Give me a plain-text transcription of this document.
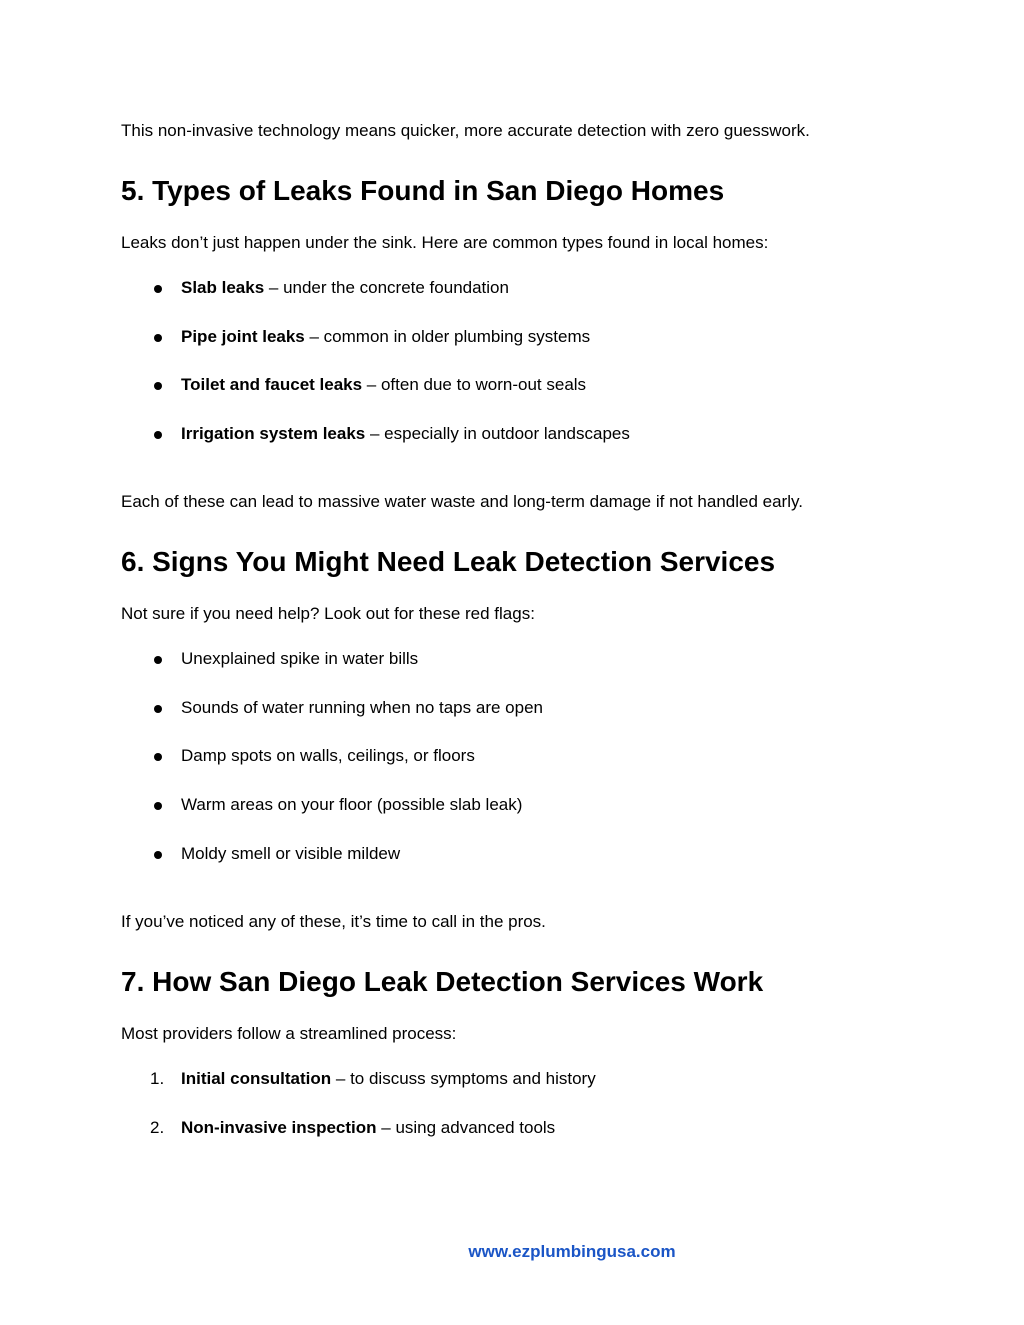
This non-invasive technology means quicker, more accurate detection with zero guesswork.
5. Types of Leaks Found in San Diego Homes
Leaks don’t just happen under the sink. Here are common types found in local homes:
Slab leaks – under the concrete foundation
Pipe joint leaks – common in older plumbing systems
Toilet and faucet leaks – often due to worn-out seals
Irrigation system leaks – especially in outdoor landscapes
Each of these can lead to massive water waste and long-term damage if not handled early.
6. Signs You Might Need Leak Detection Services
Not sure if you need help? Look out for these red flags:
Unexplained spike in water bills
Sounds of water running when no taps are open
Damp spots on walls, ceilings, or floors
Warm areas on your floor (possible slab leak)
Moldy smell or visible mildew
If you’ve noticed any of these, it’s time to call in the pros.
7. How San Diego Leak Detection Services Work
Most providers follow a streamlined process:
1. Initial consultation – to discuss symptoms and history
2. Non-invasive inspection – using advanced tools
www.ezplumbingusa.com
